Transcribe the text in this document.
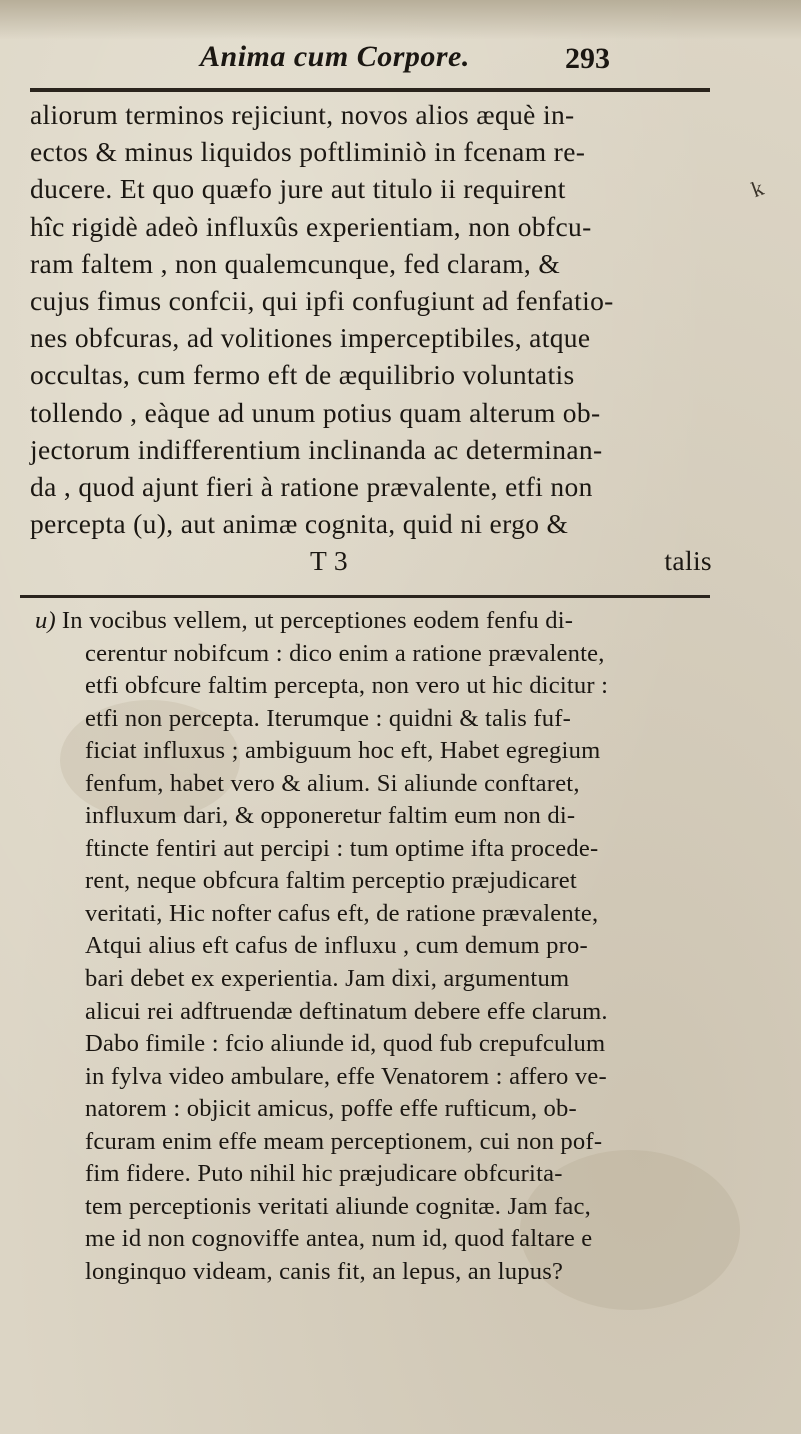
Anima cum Corpore.	293
aliorum terminos rejiciunt, novos alios æquè in-
ectos & minus liquidos poftliminiò in fcenam re-
ducere. Et quo quæfo jure aut titulo ii requirent
hîc rigidè adeò influxûs experientiam, non obfcu-
ram faltem , non qualemcunque, fed claram, &
cujus fimus confcii, qui ipfi confugiunt ad fenfatio-
nes obfcuras, ad volitiones imperceptibiles, atque
occultas, cum fermo eft de æquilibrio voluntatis
tollendo , eàque ad unum potius quam alterum ob-
jectorum indifferentium inclinanda ac determinan-
da , quod ajunt fieri à ratione prævalente, etfi non
percepta (u), aut animæ cognita, quid ni ergo &
T 3	talis
u) In vocibus vellem, ut perceptiones eodem fenfu di-
cerentur nobifcum : dico enim a ratione prævalente,
etfi obfcure faltim percepta, non vero ut hic dicitur :
etfi non percepta. Iterumque : quidni & talis fuf-
ficiat influxus ; ambiguum hoc eft, Habet egregium
fenfum, habet vero & alium. Si aliunde conftaret,
influxum dari, & opponeretur faltim eum non di-
ftincte fentiri aut percipi : tum optime ifta procede-
rent, neque obfcura faltim perceptio præjudicaret
veritati, Hic nofter cafus eft, de ratione prævalente,
Atqui alius eft cafus de influxu , cum demum pro-
bari debet ex experientia. Jam dixi, argumentum
alicui rei adftruendæ deftinatum debere effe clarum.
Dabo fimile : fcio aliunde id, quod fub crepufculum
in fylva video ambulare, effe Venatorem : affero ve-
natorem : objicit amicus, poffe effe rufticum, ob-
fcuram enim effe meam perceptionem, cui non pof-
fim fidere. Puto nihil hic præjudicare obfcurita-
tem perceptionis veritati aliunde cognitæ. Jam fac,
me id non cognoviffe antea, num id, quod faltare e
longinquo videam, canis fit, an lepus, an lupus?
k
